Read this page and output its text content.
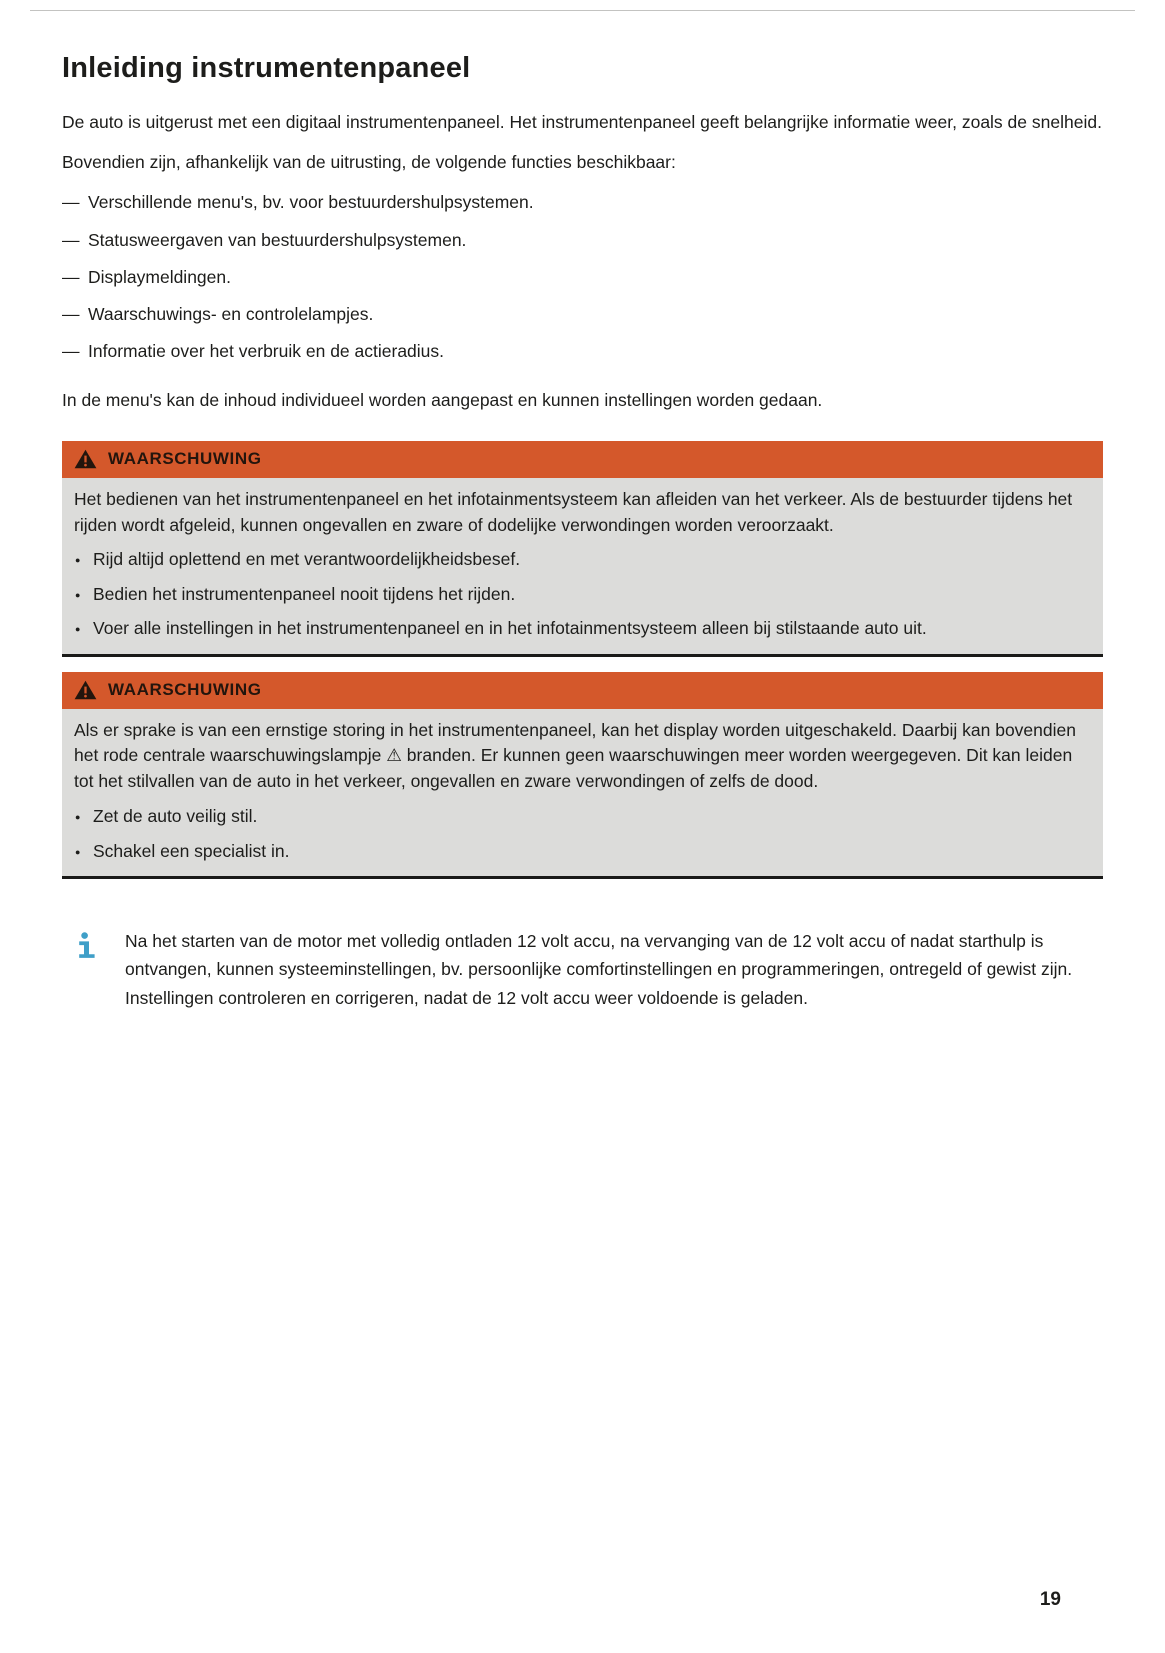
Inleiding instrumentenpaneel

De auto is uitgerust met een digitaal instrumentenpaneel. Het instrumentenpaneel geeft belangrijke informatie weer, zoals de snelheid.

Bovendien zijn, afhankelijk van de uitrusting, de volgende functies beschikbaar:

— Verschillende menu's, bv. voor bestuurdershulpsystemen.
— Statusweergaven van bestuurdershulpsystemen.
— Displaymeldingen.
— Waarschuwings- en controlelampjes.
— Informatie over het verbruik en de actieradius.

In de menu's kan de inhoud individueel worden aangepast en kunnen instellingen worden gedaan.

WAARSCHUWING

Het bedienen van het instrumentenpaneel en het infotainmentsysteem kan afleiden van het verkeer. Als de bestuurder tijdens het rijden wordt afgeleid, kunnen ongevallen en zware of dodelijke verwondingen worden veroorzaakt.

● Rijd altijd oplettend en met verantwoordelijkheidsbesef.
● Bedien het instrumentenpaneel nooit tijdens het rijden.
● Voer alle instellingen in het instrumentenpaneel en in het infotainmentsysteem alleen bij stilstaande auto uit.
WAARSCHUWING

Als er sprake is van een ernstige storing in het instrumentenpaneel, kan het display worden uitgeschakeld. Daarbij kan bovendien het rode centrale waarschuwingslampje ⚠ branden. Er kunnen geen waarschuwingen meer worden weergegeven. Dit kan leiden tot het stilvallen van de auto in het verkeer, ongevallen en zware verwondingen of zelfs de dood.

● Zet de auto veilig stil.
● Schakel een specialist in.

Na het starten van de motor met volledig ontladen 12 volt accu, na vervanging van de 12 volt accu of nadat starthulp is ontvangen, kunnen systeeminstellingen, bv. persoonlijke comfortinstellingen en programmeringen, ontregeld of gewist zijn. Instellingen controleren en corrigeren, nadat de 12 volt accu weer voldoende is geladen.

19
